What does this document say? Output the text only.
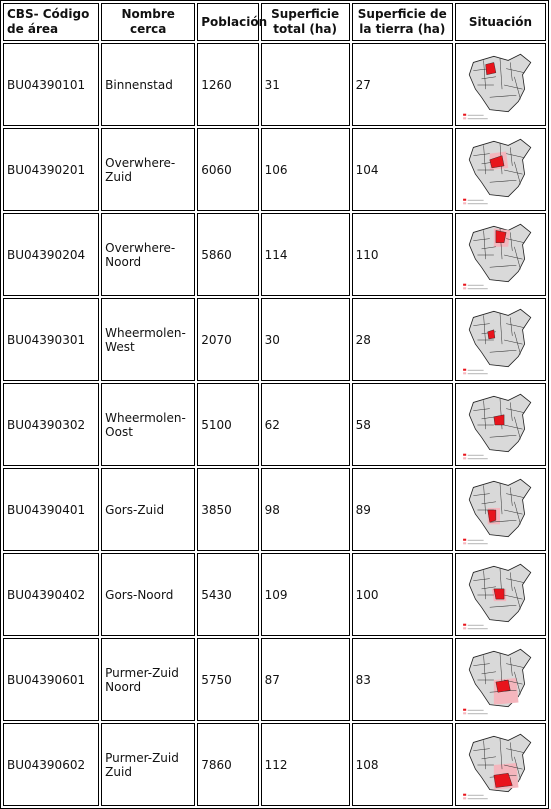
CBS- Código de área	Nombre cerca	Población	Superficie total (ha)	Superficie de la tierra (ha)	Situación
BU04390101	Binnenstad	1260	31	27	

BU04390201	Overwhere-Zuid	6060	106	104	

BU04390204	Overwhere-Noord	5860	114	110	

BU04390301	Wheermolen-West	2070	30	28	

BU04390302	Wheermolen-Oost	5100	62	58	

BU04390401	Gors-Zuid	3850	98	89	

BU04390402	Gors-Noord	5430	109	100	

BU04390601	Purmer-Zuid Noord	5750	87	83	

BU04390602	Purmer-Zuid Zuid	7860	112	108	
